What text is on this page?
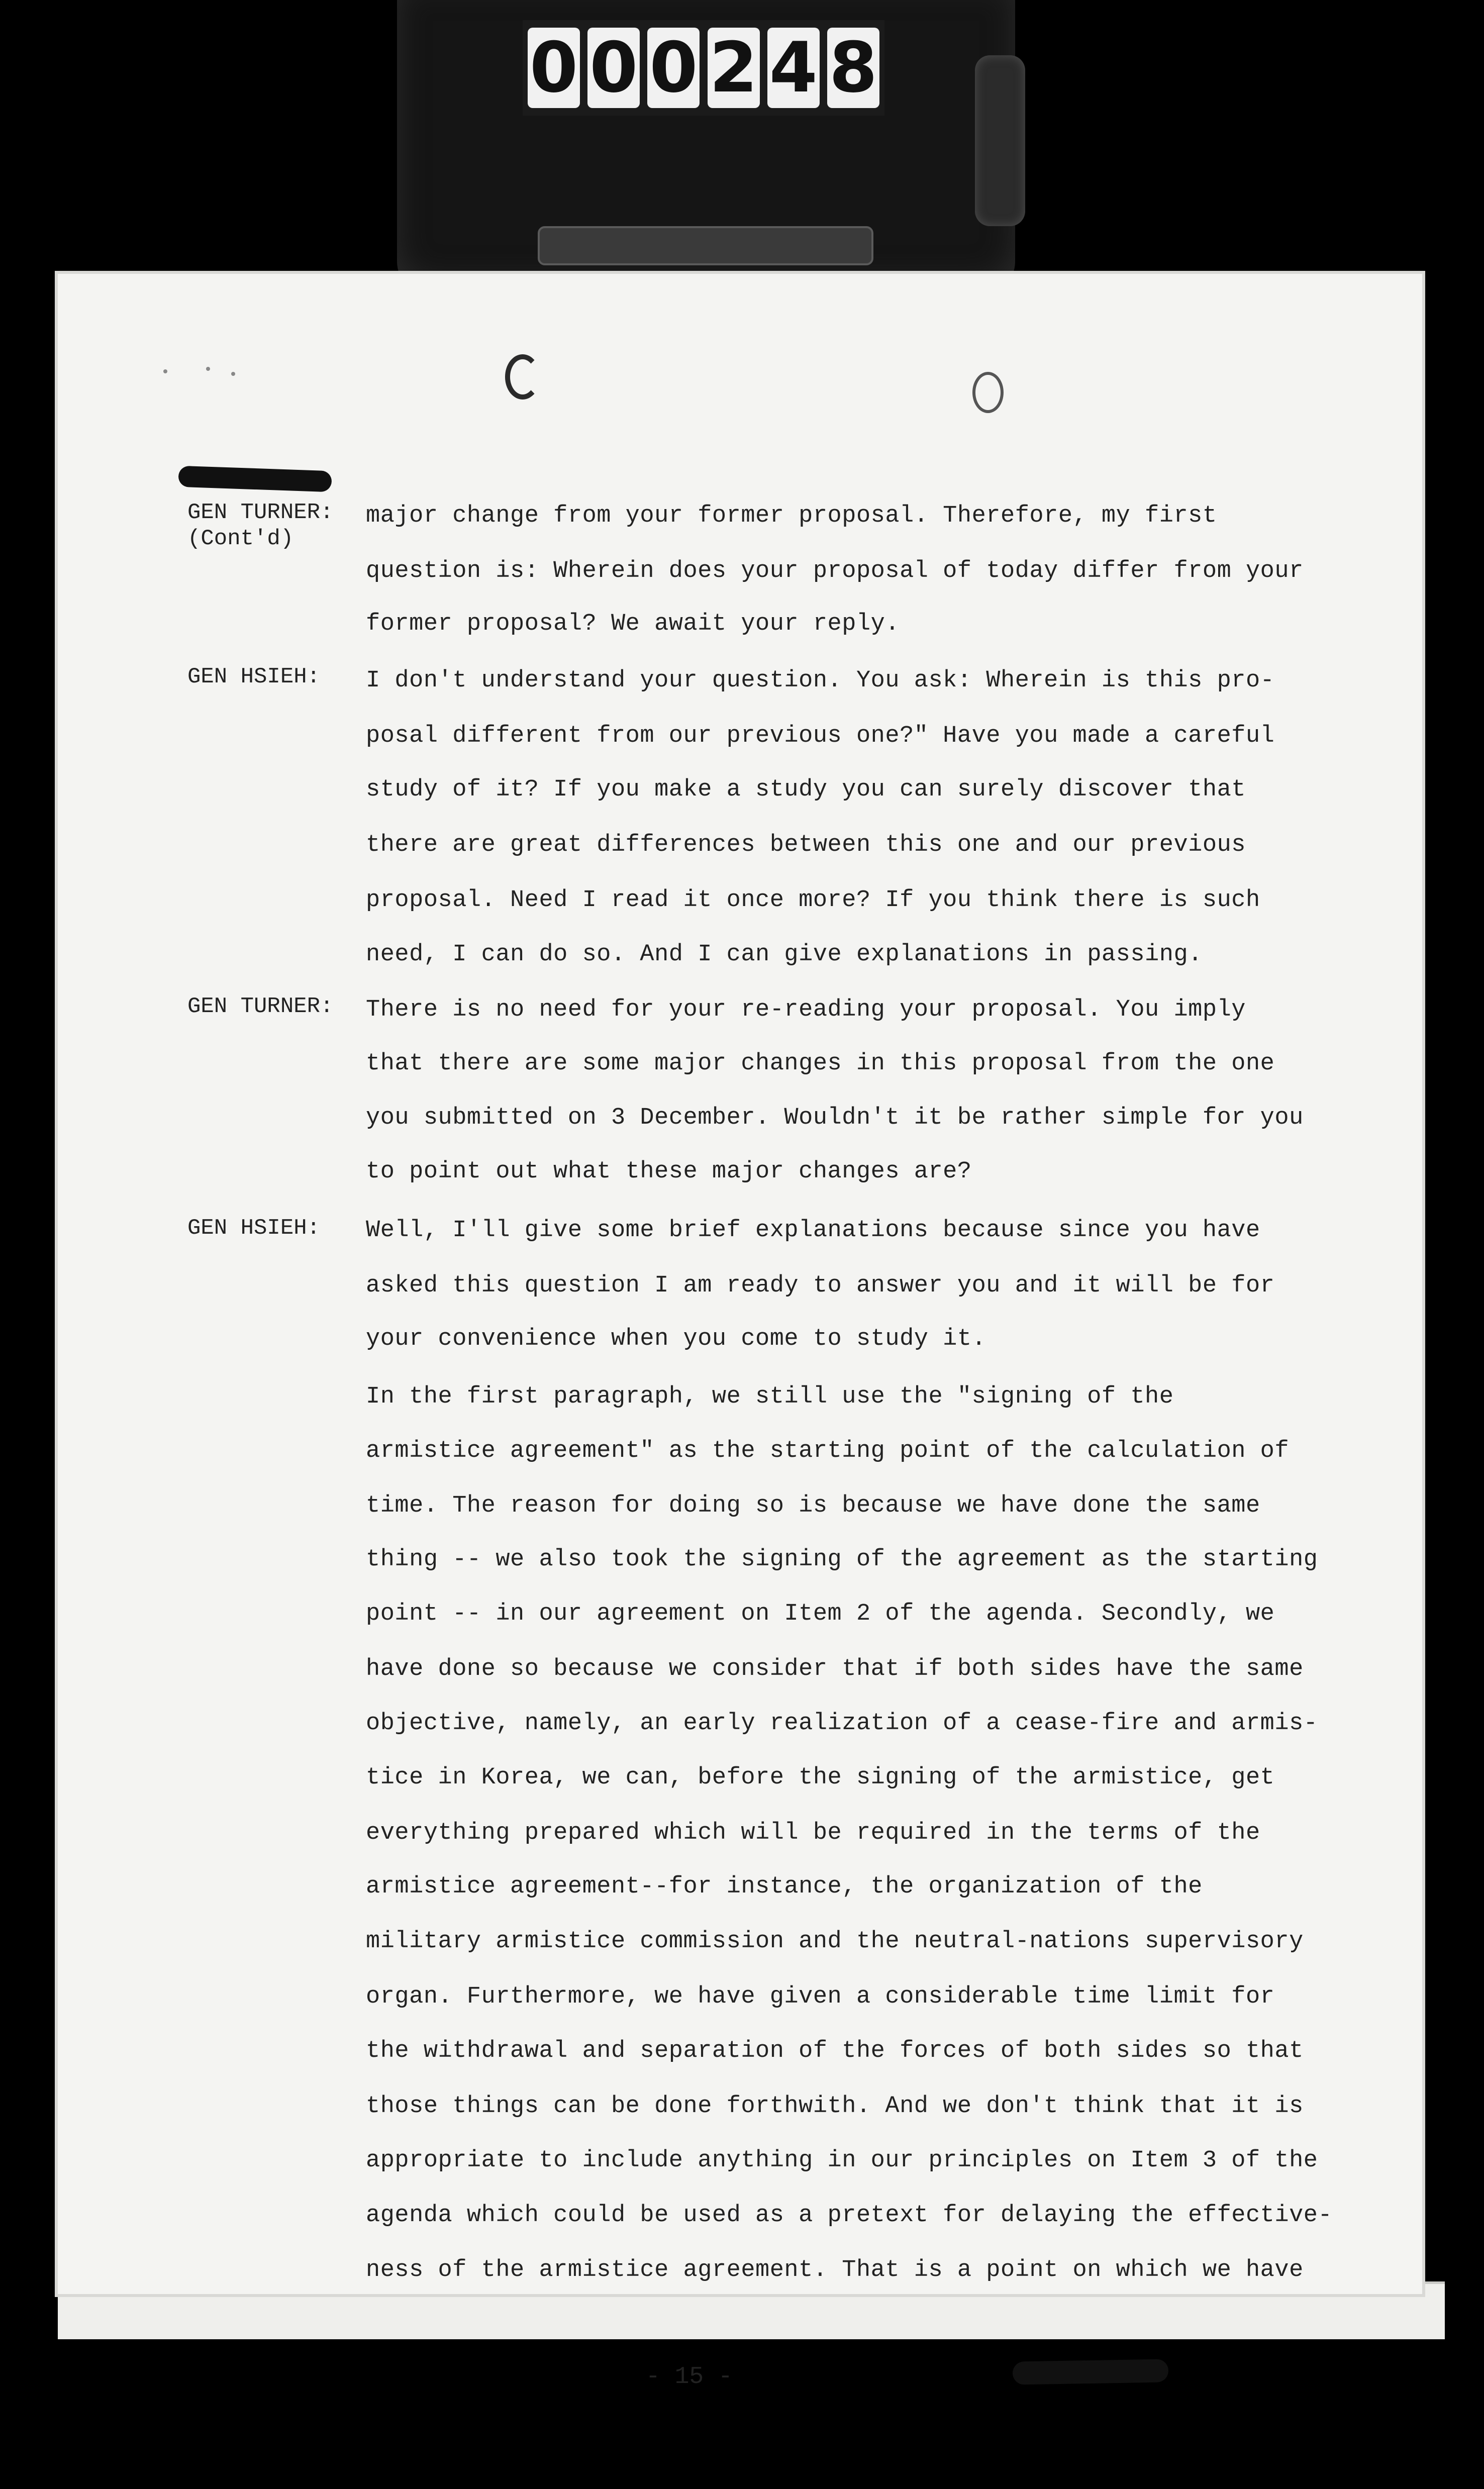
0 0 0 2 4 8
GEN TURNER:
(Cont'd)
GEN HSIEH:
GEN TURNER:
GEN HSIEH:
major change from your former proposal. Therefore, my first
question is: Wherein does your proposal of today differ from your
former proposal? We await your reply.
I don't understand your question. You ask: Wherein is this pro-
posal different from our previous one?" Have you made a careful
study of it? If you make a study you can surely discover that
there are great differences between this one and our previous
proposal. Need I read it once more? If you think there is such
need, I can do so. And I can give explanations in passing.
There is no need for your re-reading your proposal. You imply
that there are some major changes in this proposal from the one
you submitted on 3 December. Wouldn't it be rather simple for you
to point out what these major changes are?
Well, I'll give some brief explanations because since you have
asked this question I am ready to answer you and it will be for
your convenience when you come to study it.
In the first paragraph, we still use the "signing of the
armistice agreement" as the starting point of the calculation of
time. The reason for doing so is because we have done the same
thing -- we also took the signing of the agreement as the starting
point -- in our agreement on Item 2 of the agenda. Secondly, we
have done so because we consider that if both sides have the same
objective, namely, an early realization of a cease-fire and armis-
tice in Korea, we can, before the signing of the armistice, get
everything prepared which will be required in the terms of the
armistice agreement--for instance, the organization of the
military armistice commission and the neutral-nations supervisory
organ. Furthermore, we have given a considerable time limit for
the withdrawal and separation of the forces of both sides so that
those things can be done forthwith. And we don't think that it is
appropriate to include anything in our principles on Item 3 of the
agenda which could be used as a pretext for delaying the effective-
ness of the armistice agreement. That is a point on which we have
- 15 -
